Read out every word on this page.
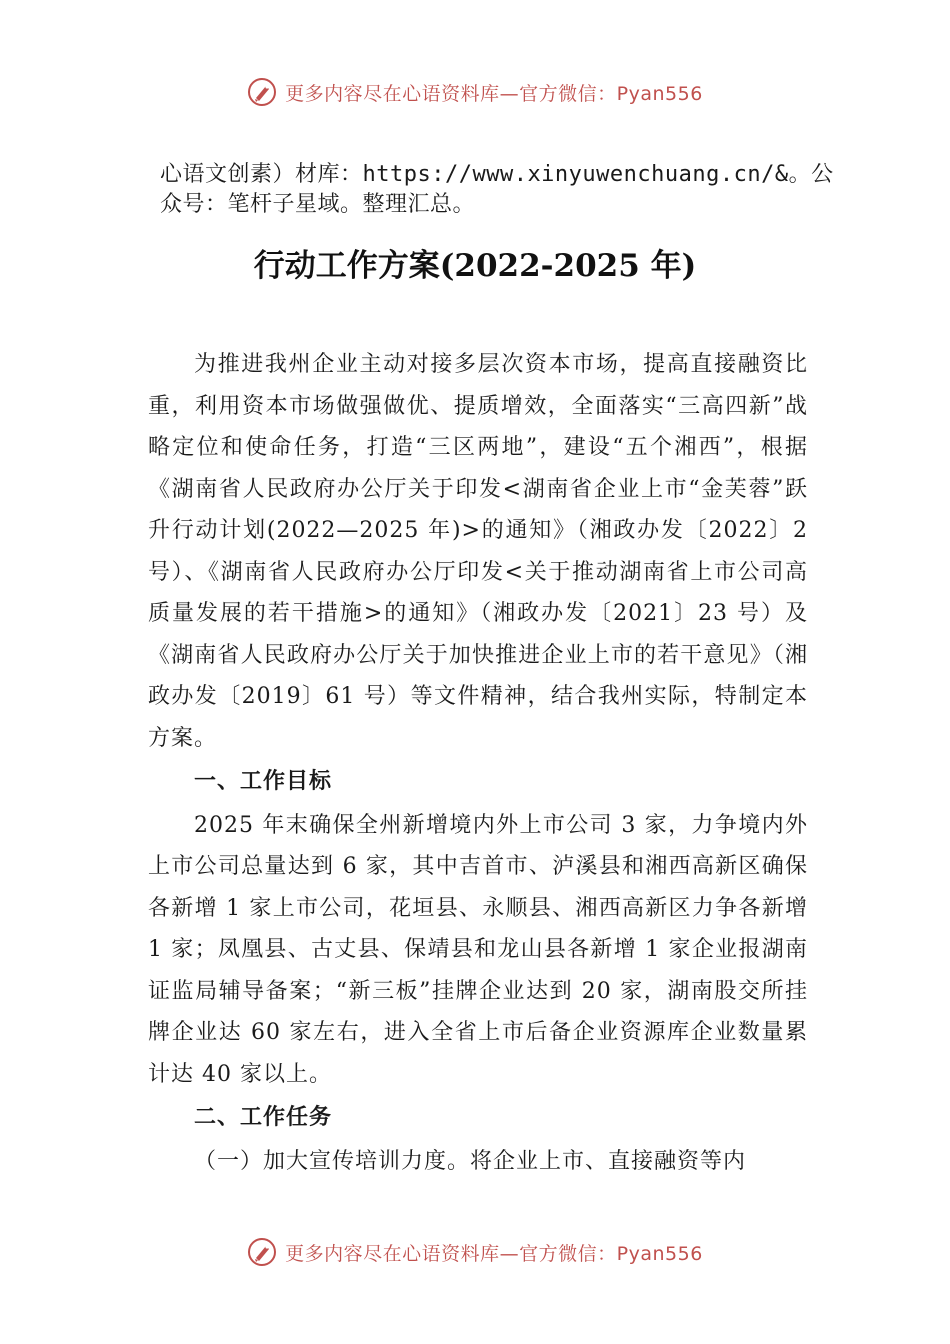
更多内容尽在心语资料库—官方微信：Pyan556
心语文创素）材库：https://www.xinyuwenchuang.cn/&。公众号：笔杆子星域。整理汇总。
行动工作方案(2022-2025 年)

为推进我州企业主动对接多层次资本市场，提高直接融资比重，利用资本市场做强做优、提质增效，全面落实“三高四新”战略定位和使命任务，打造“三区两地”，建设“五个湘西”，根据《湖南省人民政府办公厅关于印发<湖南省企业上市“金芙蓉”跃升行动计划(2022—2025 年)>的通知》（湘政办发〔2022〕2 号）、《湖南省人民政府办公厅印发<关于推动湖南省上市公司高质量发展的若干措施>的通知》（湘政办发〔2021〕23 号）及《湖南省人民政府办公厅关于加快推进企业上市的若干意见》（湘政办发〔2019〕61 号）等文件精神，结合我州实际，特制定本方案。

一、工作目标

2025 年末确保全州新增境内外上市公司 3 家，力争境内外上市公司总量达到 6 家，其中吉首市、泸溪县和湘西高新区确保各新增 1 家上市公司，花垣县、永顺县、湘西高新区力争各新增 1 家；凤凰县、古丈县、保靖县和龙山县各新增 1 家企业报湖南证监局辅导备案；“新三板”挂牌企业达到 20 家，湖南股交所挂牌企业达 60 家左右，进入全省上市后备企业资源库企业数量累计达 40 家以上。

二、工作任务

（一）加大宣传培训力度。将企业上市、直接融资等内

更多内容尽在心语资料库—官方微信：Pyan556
